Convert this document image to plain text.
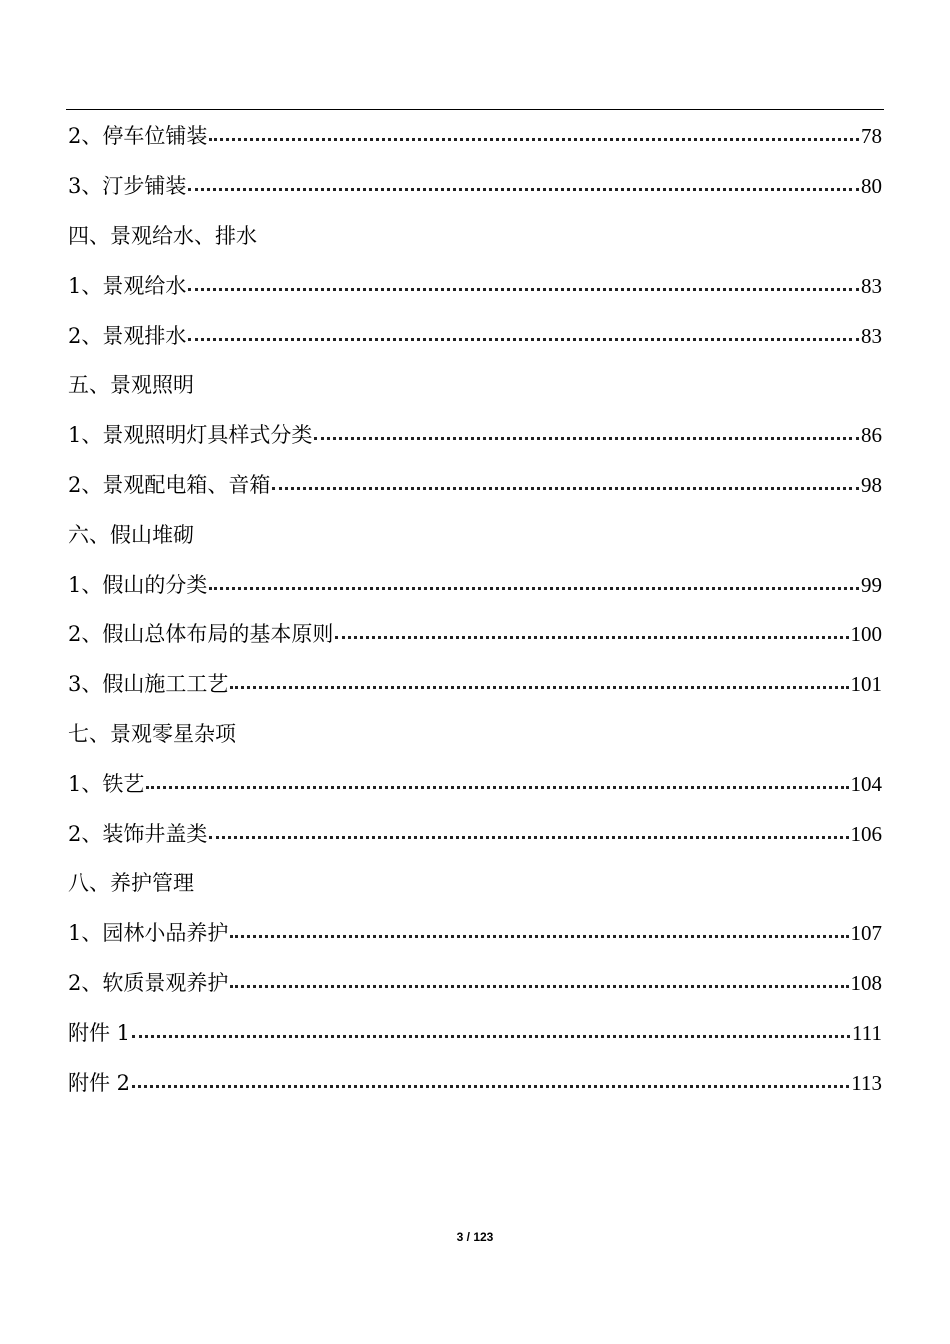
2、停车位铺装	78
3、汀步铺装	80
四、景观给水、排水
1、景观给水	83
2、景观排水	83
五、景观照明
1、景观照明灯具样式分类	86
2、景观配电箱、音箱	98
六、假山堆砌
1、假山的分类	99
2、假山总体布局的基本原则	100
3、假山施工工艺	101
七、景观零星杂项
1、铁艺	104
2、装饰井盖类	106
八、养护管理
1、园林小品养护	107
2、软质景观养护	108
附件 1	111
附件 2	113
3 / 123
